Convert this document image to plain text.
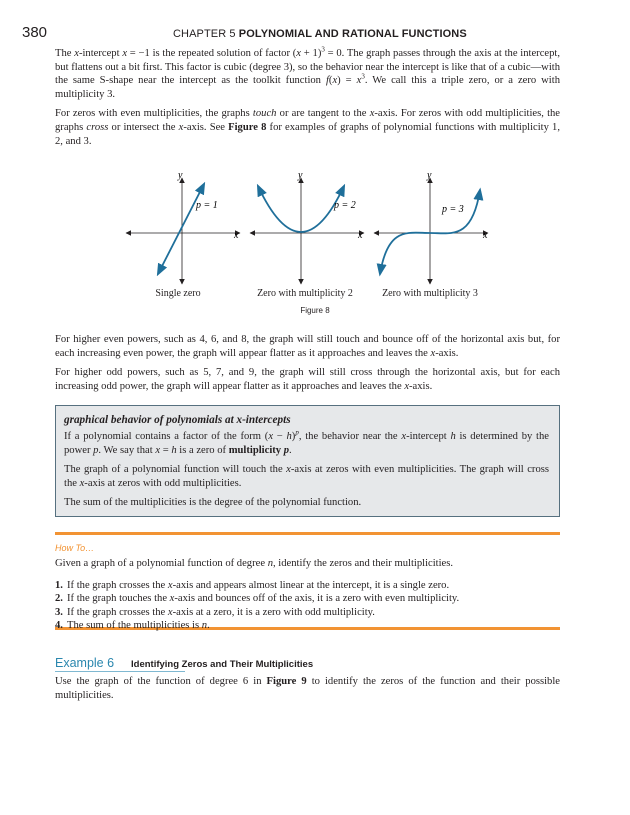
380	CHAPTER 5 POLYNOMIAL AND RATIONAL FUNCTIONS

The x-intercept x = −1 is the repeated solution of factor $(x + 1)^3 = 0$. The graph passes through the axis at the intercept, but flattens out a bit first. This factor is cubic (degree 3), so the behavior near the intercept is like that of a cubic—with the same S-shape near the intercept as the toolkit function $f(x) = x^3$. We call this a triple zero, or a zero with multiplicity 3.

For zeros with even multiplicities, the graphs touch or are tangent to the x-axis. For zeros with odd multiplicities, the graphs cross or intersect the x-axis. See Figure 8 for examples of graphs of polynomial functions with multiplicity 1, 2, and 3.

y
x
p = 1
y
x
p = 2
y
x
p = 3
Single zero	Zero with multiplicity 2	Zero with multiplicity 3
Figure 8

For higher even powers, such as 4, 6, and 8, the graph will still touch and bounce off of the horizontal axis but, for each increasing even power, the graph will appear flatter as it approaches and leaves the x-axis.

For higher odd powers, such as 5, 7, and 9, the graph will still cross through the horizontal axis, but for each increasing odd power, the graph will appear flatter as it approaches and leaves the x-axis.

graphical behavior of polynomials at x-intercepts

If a polynomial contains a factor of the form $(x - h)^p$, the behavior near the x-intercept h is determined by the power p. We say that x = h is a zero of multiplicity p.

The graph of a polynomial function will touch the x-axis at zeros with even multiplicities. The graph will cross the x-axis at zeros with odd multiplicities.

The sum of the multiplicities is the degree of the polynomial function.

How To…

Given a graph of a polynomial function of degree n, identify the zeros and their multiplicities.

1. If the graph crosses the x-axis and appears almost linear at the intercept, it is a single zero.
2. If the graph touches the x-axis and bounces off of the axis, it is a zero with even multiplicity.
3. If the graph crosses the x-axis at a zero, it is a zero with odd multiplicity.
4. The sum of the multiplicities is n.
Example 6 Identifying Zeros and Their Multiplicities

Use the graph of the function of degree 6 in Figure 9 to identify the zeros of the function and their possible multiplicities.
